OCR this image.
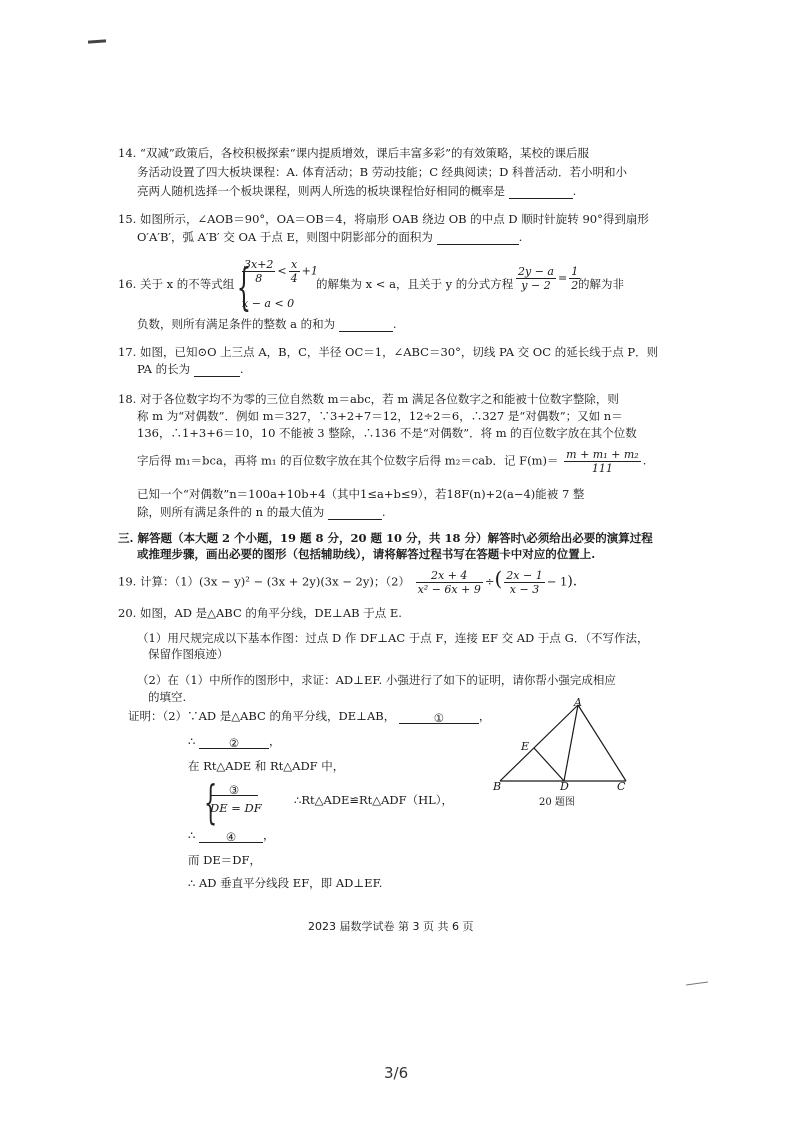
14. “双减”政策后，各校积极探索“课内提质增效，课后丰富多彩”的有效策略，某校的课后服
务活动设置了四大板块课程：A. 体育活动；B 劳动技能；C 经典阅读；D 科普活动．若小明和小
亮两人随机选择一个板块课程，则两人所选的板块课程恰好相同的概率是	.
15. 如图所示，∠AOB＝90°，OA＝OB＝4，将扇形 OAB 绕边 OB 的中点 D 顺时针旋转 90°得到扇形
O′A′B′，弧 A′B′ 交 OA 于点 E，则图中阴影部分的面积为	.
16. 关于 x 的不等式组 {
$\frac{3x+2}{8} < \frac{x}{4} +1$
x − a < 0
的解集为 x < a，且关于 y 的分式方程 $\frac{2y - a}{y - 2} = \frac{1}{2}$
的解为非
负数，则所有满足条件的整数 a 的和为	.
17. 如图，已知⊙O 上三点 A，B，C，半径 OC＝1，∠ABC＝30°，切线 PA 交 OC 的延长线于点 P．则
PA 的长为	.
18. 对于各位数字均不为零的三位自然数 m＝abc，若 m 满足各位数字之和能被十位数字整除，则
称 m 为“对偶数”．例如 m＝327，∵3+2+7＝12，12÷2＝6，∴327 是“对偶数”；又如 n＝
136，∴1+3+6＝10，10 不能被 3 整除，∴136 不是“对偶数”．将 m 的百位数字放在其个位数
字后得 m₁＝bca，再将 m₁ 的百位数字放在其个位数字后得 m₂＝cab．记 $F(m)= \frac{\text{m + m₁ + m₂}}{111}$ .
已知一个“对偶数”n＝100a+10b+4（其中1≤a+b≤9），若18F(n)+2(a−4)能被 7 整
除，则所有满足条件的 n 的最大值为	.
三. 解答题（本大题 2 个小题，19 题 8 分，20 题 10 分，共 18 分）解答时\必须给出必要的演算过程
或推理步骤，画出必要的图形（包括辅助线），请将解答过程书写在答题卡中对应的位置上.
19. 计算：（1）(3x − y)² − (3x + 2y)(3x − 2y)；$(2) \frac{2x + 4}{\text{x² − 6x + 9}}$ ÷( $\frac{2x - 1}{x - 3} - 1$).
20. 如图，AD 是△ABC 的角平分线，DE⊥AB 于点 E.
（1）用尺规完成以下基本作图：过点 D 作 DF⊥AC 于点 F，连接 EF 交 AD 于点 G．（不写作法，
保留作图痕迹）
（2）在（1）中所作的图形中，求证：AD⊥EF. 小强进行了如下的证明，请你帮小强完成相应
的填空.
证明：（2）∵AD 是△ABC 的角平分线，DE⊥AB，	①	，
∴	②	，
在 Rt△ADE 和 Rt△ADF 中，
{	③
DE = DF
∴Rt△ADE≌Rt△ADF（HL），
∴	④ ，
而 DE＝DF，
∴ AD 垂直平分线段 EF，即 AD⊥EF.
A
E
B	D	C
20 题图
2023 届数学试卷 第 3 页 共 6 页
3/6
